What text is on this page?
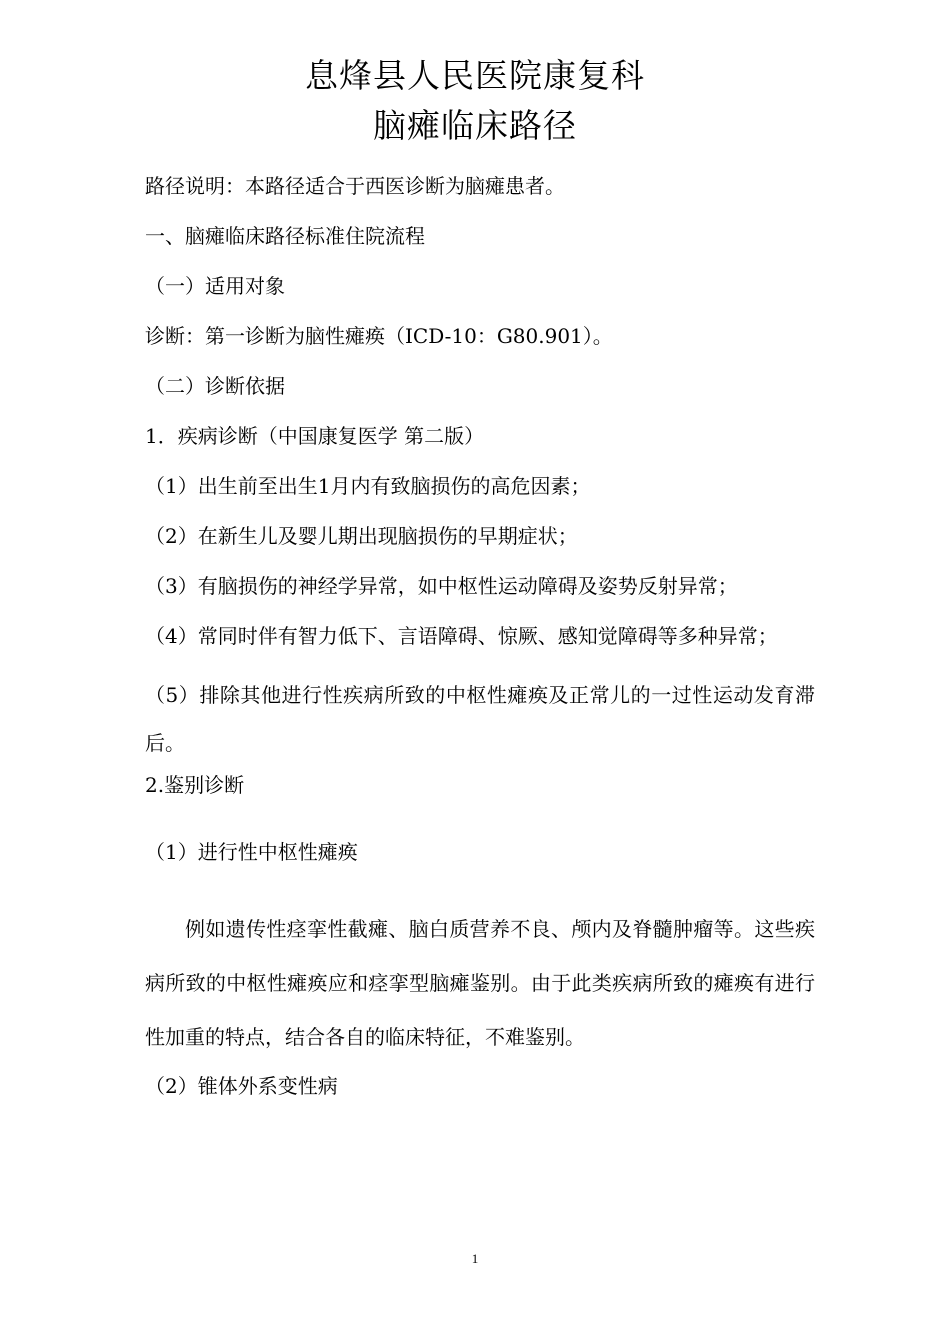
息烽县人民医院康复科
脑瘫临床路径
路径说明：本路径适合于西医诊断为脑瘫患者。
一、脑瘫临床路径标准住院流程
（一）适用对象
诊断：第一诊断为脑性瘫痪（ICD-10：G80.901）。
（二）诊断依据
1．疾病诊断（中国康复医学 第二版）
（1）出生前至出生1月内有致脑损伤的高危因素；
（2）在新生儿及婴儿期出现脑损伤的早期症状；
（3）有脑损伤的神经学异常，如中枢性运动障碍及姿势反射异常；
（4）常同时伴有智力低下、言语障碍、惊厥、感知觉障碍等多种异常；
（5）排除其他进行性疾病所致的中枢性瘫痪及正常儿的一过性运动发育滞后。
2.鉴别诊断
（1）进行性中枢性瘫痪
例如遗传性痉挛性截瘫、脑白质营养不良、颅内及脊髓肿瘤等。这些疾病所致的中枢性瘫痪应和痉挛型脑瘫鉴别。由于此类疾病所致的瘫痪有进行性加重的特点，结合各自的临床特征，不难鉴别。
（2）锥体外系变性病
1
